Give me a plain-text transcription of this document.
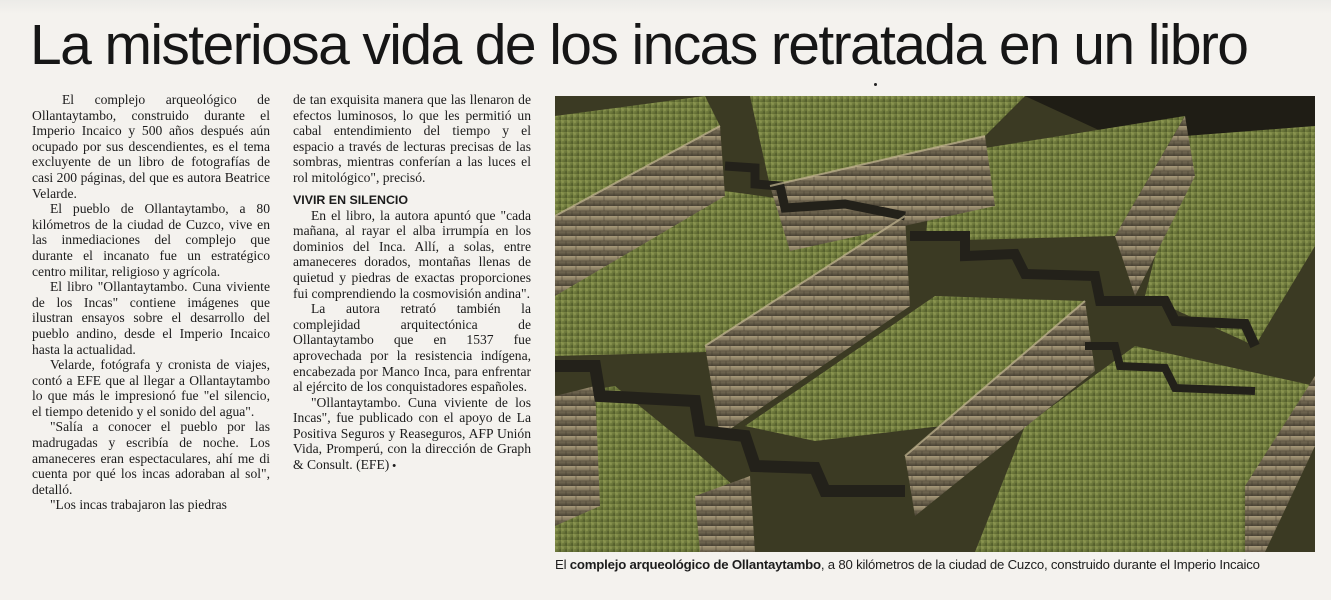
La misteriosa vida de los incas retratada en un libro

El complejo arqueológico de Ollantaytambo, construido durante el Imperio Incaico y 500 años después aún ocupado por sus descendientes, es el tema excluyente de un libro de fotografías de casi 200 páginas, del que es autora Beatrice Velarde.

El pueblo de Ollantaytambo, a 80 kilómetros de la ciudad de Cuzco, vive en las inmediaciones del complejo que durante el incanato fue un estratégico centro militar, religioso y agrícola.

El libro "Ollantaytambo. Cuna viviente de los Incas" contiene imágenes que ilustran ensayos sobre el desarrollo del pueblo andino, desde el Imperio Incaico hasta la actualidad.

Velarde, fotógrafa y cronista de viajes, contó a EFE que al llegar a Ollantaytambo lo que más le impresionó fue "el silencio, el tiempo detenido y el sonido del agua".

"Salía a conocer el pueblo por las madrugadas y escribía de noche. Los amaneceres eran espectaculares, ahí me di cuenta por qué los incas adoraban al sol", detalló.

"Los incas trabajaron las piedras

de tan exquisita manera que las llenaron de efectos luminosos, lo que les permitió un cabal entendimiento del tiempo y el espacio a través de lecturas precisas de las sombras, mientras conferían a las luces el rol mitológico", precisó.

VIVIR EN SILENCIO

En el libro, la autora apuntó que "cada mañana, al rayar el alba irrumpía en los dominios del Inca. Allí, a solas, entre amaneceres dorados, montañas llenas de quietud y piedras de exactas proporciones fui comprendiendo la cosmovisión andina".

La autora retrató también la complejidad arquitectónica de Ollantaytambo que en 1537 fue aprovechada por la resistencia indígena, encabezada por Manco Inca, para enfrentar al ejército de los conquistadores españoles.

"Ollantaytambo. Cuna viviente de los Incas", fue publicado con el apoyo de La Positiva Seguros y Reaseguros, AFP Unión Vida, Promperú, con la dirección de Graph & Consult. (EFE) •

El complejo arqueológico de Ollantaytambo, a 80 kilómetros de la ciudad de Cuzco, construido durante el Imperio Incaico
